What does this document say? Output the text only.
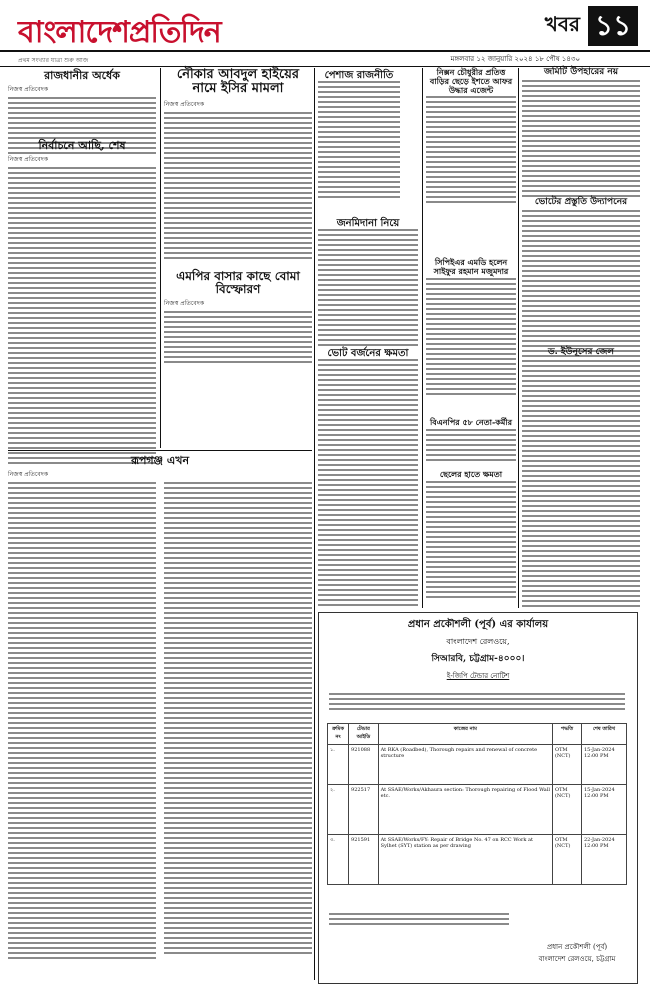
বাংলাদেশপ্রতিদিন
প্রথম সংখ্যার যাত্রা শুরু আজ
খবর ১১
মঙ্গলবার ১২ জানুয়ারি ২০২৪ ১৮ পৌষ ১৪৩০
রাজধানীর অর্ধেক
নিজস্ব প্রতিবেদক
নির্বাচনে আছি, শেষ
নিজস্ব প্রতিবেদক
নৌকার আবদুল হাইয়ের নামে ইসির মামলা
নিজস্ব প্রতিবেদক
এমপির বাসার কাছে বোমা বিস্ফোরণ
নিজস্ব প্রতিবেদক
রূপগঞ্জ এখন
নিজস্ব প্রতিবেদক
পেশাজ রাজনীতি
জনমিদানা নিয়ে
ভোট বর্জনের ক্ষমতা
নিক্সন চৌধুরীর প্রতিত্ত বাড়ির ছেড়ে ইশতে আফর উদ্ধার এজেন্ট
সিপিইএর এমডি হলেন সাইফুর রহমান মজুমদার
বিএনপির ৫৮ নেতা-কর্মীর
ছেলের হাতে ক্ষমতা
জমিটি উপহারের নয়
ভোটের প্রস্তুতি উদ্যাপনের
ড. ইউনূসের জেল
প্রধান প্রকৌশলী (পূর্ব) এর কার্যালয়
বাংলাদেশ রেলওয়ে,
সিআরবি, চট্টগ্রাম-৪০০০।
ই-জিপি টেন্ডার নোটিশ
ক্রমিক নং	টেন্ডার আইডি	কাজের নাম	পদ্ধতি	শেষ তারিখ
১.	921088	At RKA (Roadbed), Thorough repairs and renewal of concrete structure	OTM (NCT)	15-Jan-2024 12:00 PM
২.	922517	At SSAE/Works/Akhaura section: Thorough repairing of Flood Wall etc.	OTM (NCT)	15-Jan-2024 12:00 PM
৩.	921591	At SSAE/Works/FY: Repair of Bridge No. 47 on RCC Work at Sylhet (SYT) station as per drawing	OTM (NCT)	22-Jan-2024 12:00 PM
প্রধান প্রকৌশলী (পূর্ব)
বাংলাদেশ রেলওয়ে, চট্টগ্রাম
